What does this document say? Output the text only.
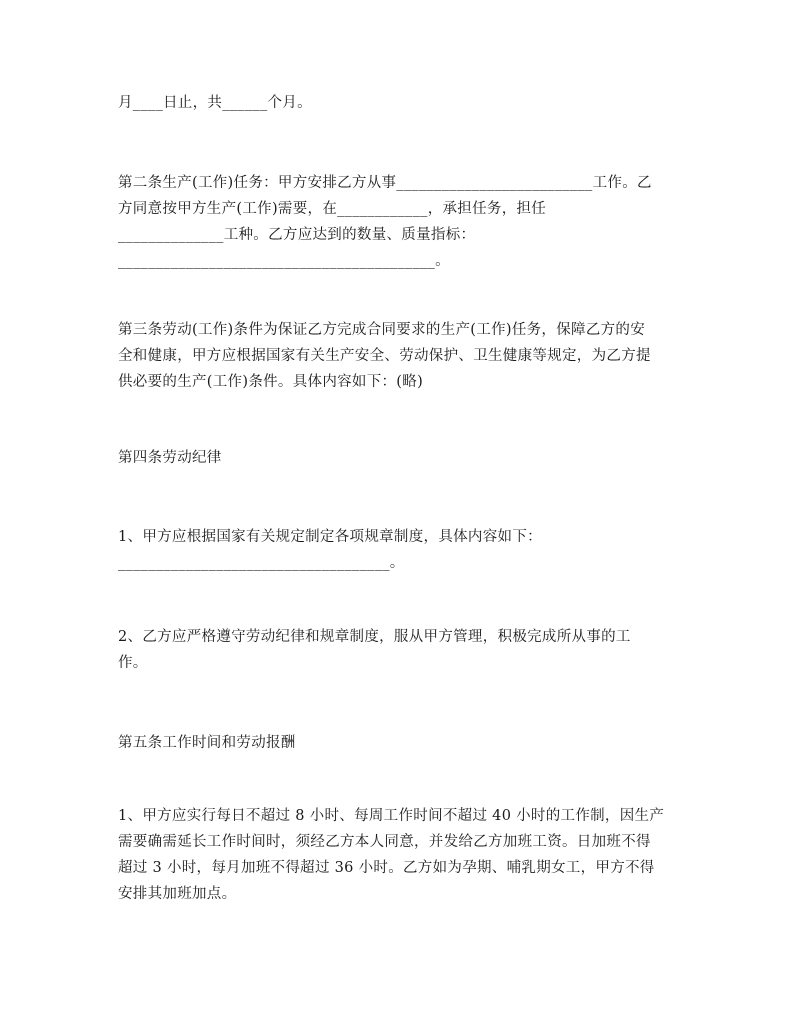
月____日止，共______个月。

第二条生产(工作)任务：甲方安排乙方从事__________________________工作。乙
方同意按甲方生产(工作)需要，在____________，承担任务，担任
______________工种。乙方应达到的数量、质量指标：
__________________________________________。

第三条劳动(工作)条件为保证乙方完成合同要求的生产(工作)任务，保障乙方的安
全和健康，甲方应根据国家有关生产安全、劳动保护、卫生健康等规定，为乙方提
供必要的生产(工作)条件。具体内容如下：(略)

第四条劳动纪律

1、甲方应根据国家有关规定制定各项规章制度，具体内容如下：
____________________________________。

2、乙方应严格遵守劳动纪律和规章制度，服从甲方管理，积极完成所从事的工
作。

第五条工作时间和劳动报酬

1、甲方应实行每日不超过 8 小时、每周工作时间不超过 40 小时的工作制，因生产
需要确需延长工作时间时，须经乙方本人同意，并发给乙方加班工资。日加班不得
超过 3 小时，每月加班不得超过 36 小时。乙方如为孕期、哺乳期女工，甲方不得
安排其加班加点。
